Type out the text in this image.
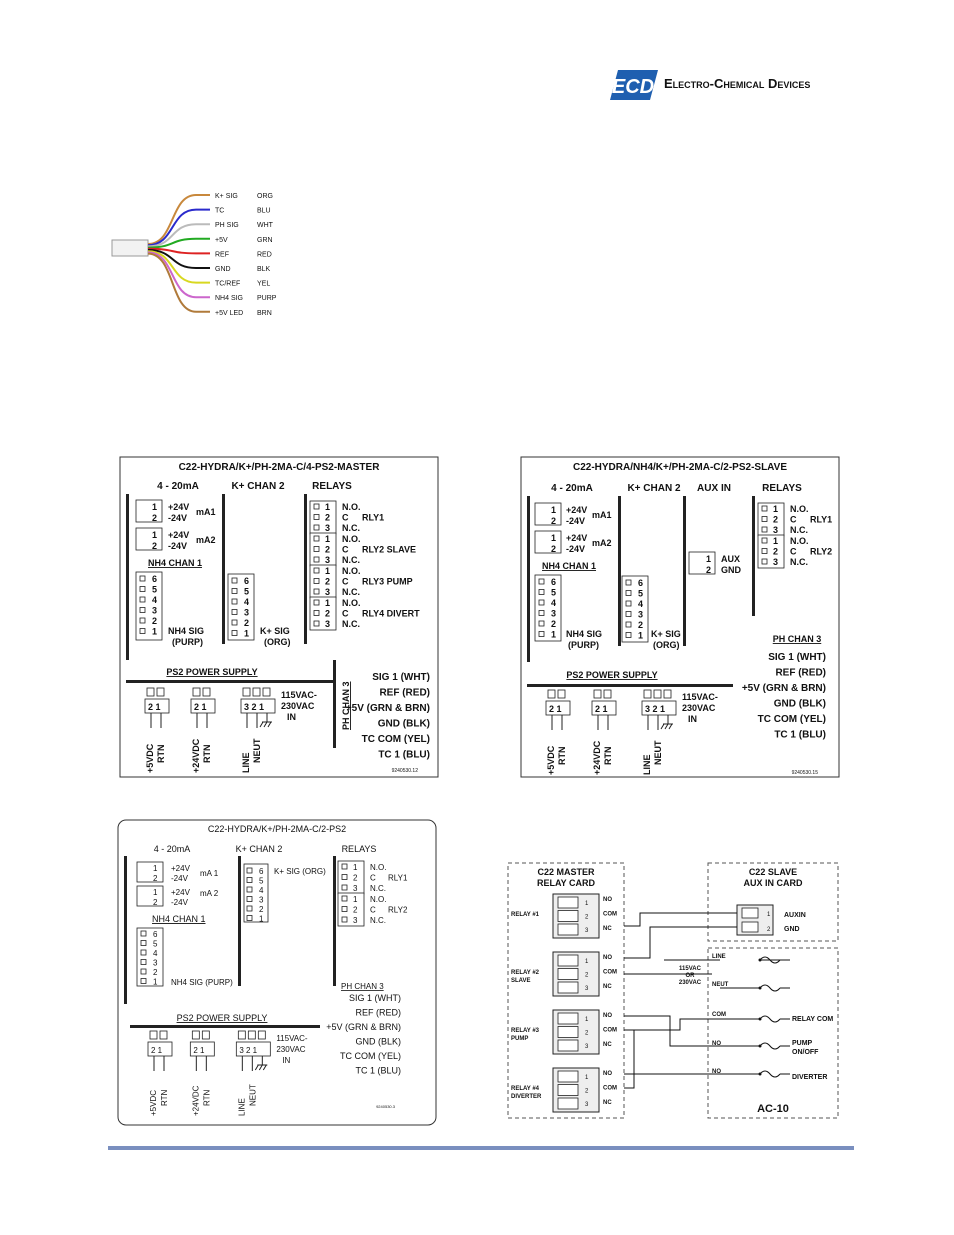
ECD Electro-Chemical Devices
K+ SIG	ORG
TC	BLU
PH SIG	WHT
+5V	GRN
REF	RED
GND	BLK
TC/REF YEL
NH4 SIG PURP
+5V LED BRN
C22-HYDRA/K+/PH-2MA-C/4-PS2-MASTER
4 - 20mA	K+ CHAN 2	RELAYS
1
2
+24V
-24V
mA1
1
2
+24V
-24V
mA2
NH4 CHAN 1
6
5
4
3
2
1 NH4 SIG
(PURP)
6
5
4
3
2
1 K+ SIG
(ORG)
1 N.O.
2 C
3 N.C.
RLY1
1 N.O.
2 C
3 N.C.
RLY2 SLAVE
1 N.O.
2 C
3 N.C.
RLY3 PUMP
1 N.O.
2 C
3 N.C.
RLY4 DIVERT
PS2 POWER SUPPLY
2 1
+5VDC RTN
2 1
+24VDC RTN
3 2 1
LINE NEUT
115VAC-
230VAC
IN	PH CHAN 3
SIG 1 (WHT)
REF (RED)
+5V (GRN & BRN)
GND (BLK)
TC COM (YEL)
TC 1 (BLU)
9240530.12
C22-HYDRA/NH4/K+/PH-2MA-C/2-PS2-SLAVE
4 - 20mA	K+ CHAN 2 AUX IN	RELAYS
1
2
+24V
-24V
mA1
1
2
+24V
-24V
mA2
NH4 CHAN 1
6
5
4
3
2
1 NH4 SIG
(PURP)
6
5
4
3
2
1 K+ SIG
(ORG)
1
2
AUX
GND
1 N.O.
2 C
3 N.C.
RLY1
1 N.O.
2 C
3 N.C.
RLY2
PH CHAN 3
SIG 1 (WHT)
REF (RED)
+5V (GRN & BRN)
GND (BLK)
TC COM (YEL)
TC 1 (BLU)
PS2 POWER SUPPLY
2 1
+5VDC RTN
2 1
+24VDC RTN
3 2 1
LINE NEUT
115VAC-
230VAC
IN
9240530.15
C22-HYDRA/K+/PH-2MA-C/2-PS2
4 - 20mA	K+ CHAN 2	RELAYS
1
2
+24V
-24V
mA 1
1
2
+24V
-24V
mA 2
NH4 CHAN 1
6
5
4
3
2
1 NH4 SIG (PURP)
6
5
4
3
2
1
K+ SIG (ORG)	1 N.O.
2 C
3 N.C.
RLY1
1 N.O.
2 C
3 N.C.
RLY2
PH CHAN 3
SIG 1 (WHT)
REF (RED)
+5V (GRN & BRN)
GND (BLK)
TC COM (YEL)
TC 1 (BLU)
PS2 POWER SUPPLY
2 1
+5VDC RTN
2 1
+24VDC RTN
3 2 1
LINE
NEUT
115VAC-
230VAC
IN
9240530.3
C22 MASTER
RELAY CARD
C22 SLAVE
AUX IN CARD
AC-10
1
NO
2 COM
3 NC
RELAY #1
1
NO
2 COM
3 NC
RELAY #2
SLAVE
1
NO
2 COM
3 NC
RELAY #3
PUMP
1
NO
2 COM
3 NC
RELAY #4
DIVERTER
1
2
AUXIN
GND
115VAC
OR
230VAC
LINE
NEUT
COM
NO
NO
RELAY COM
PUMP
ON/OFF
DIVERTER
